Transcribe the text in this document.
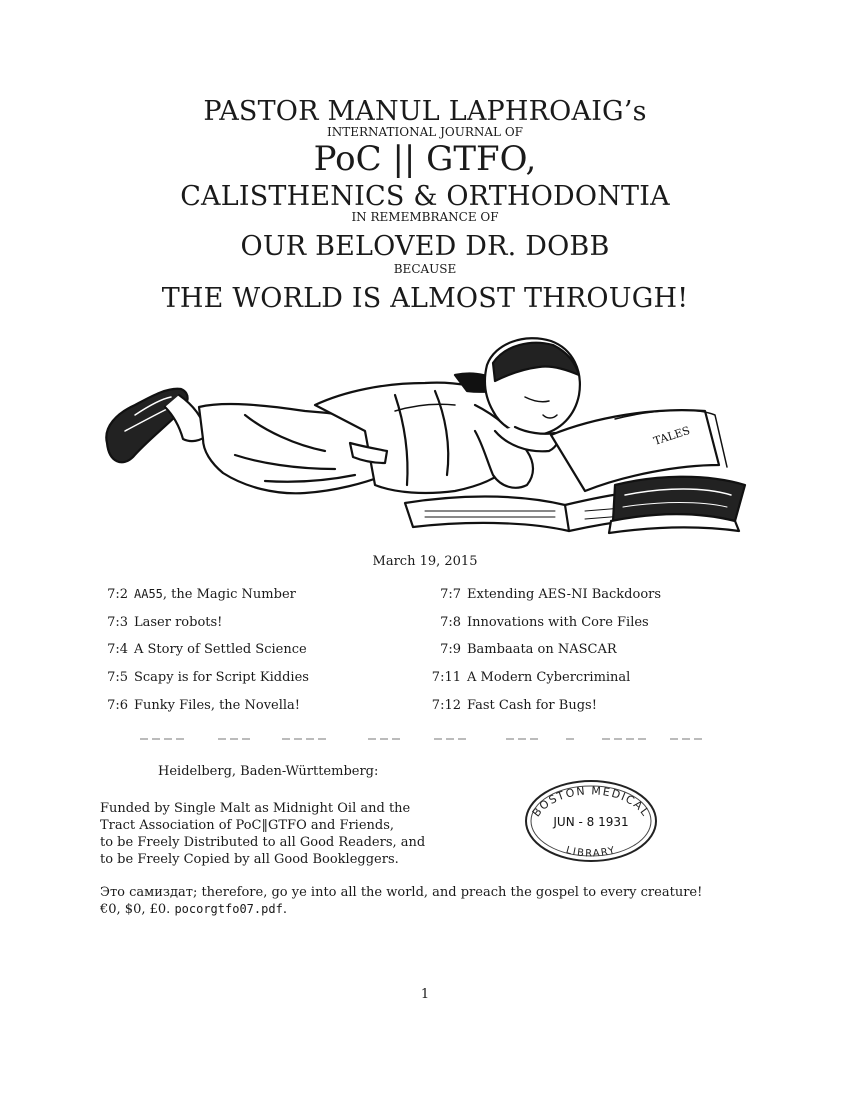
PASTOR MANUL LAPHROAIG’s
INTERNATIONAL JOURNAL OF
PoC || GTFO,
CALISTHENICS & ORTHODONTIA
IN REMEMBRANCE OF
OUR BELOVED DR. DOBB
BECAUSE
THE WORLD IS ALMOST THROUGH!
TALES
March 19, 2015
7:2 AA55, the Magic Number
7:3 Laser robots!
7:4 A Story of Settled Science
7:5 Scapy is for Script Kiddies
7:6 Funky Files, the Novella!
7:7 Extending AES-NI Backdoors
7:8 Innovations with Core Files
7:9 Bambaata on NASCAR
7:11 A Modern Cybercriminal
7:12 Fast Cash for Bugs!
Heidelberg, Baden-Württemberg:
Funded by Single Malt as Midnight Oil and the
Tract Association of PoC‖GTFO and Friends,
to be Freely Distributed to all Good Readers, and
to be Freely Copied by all Good Bookleggers.
BOSTON MEDICAL
JUN - 8 1931
LIBRARY
Это самиздат; therefore, go ye into all the world, and preach the gospel to every creature!
€0, $0, £0. pocorgtfo07.pdf.
1
